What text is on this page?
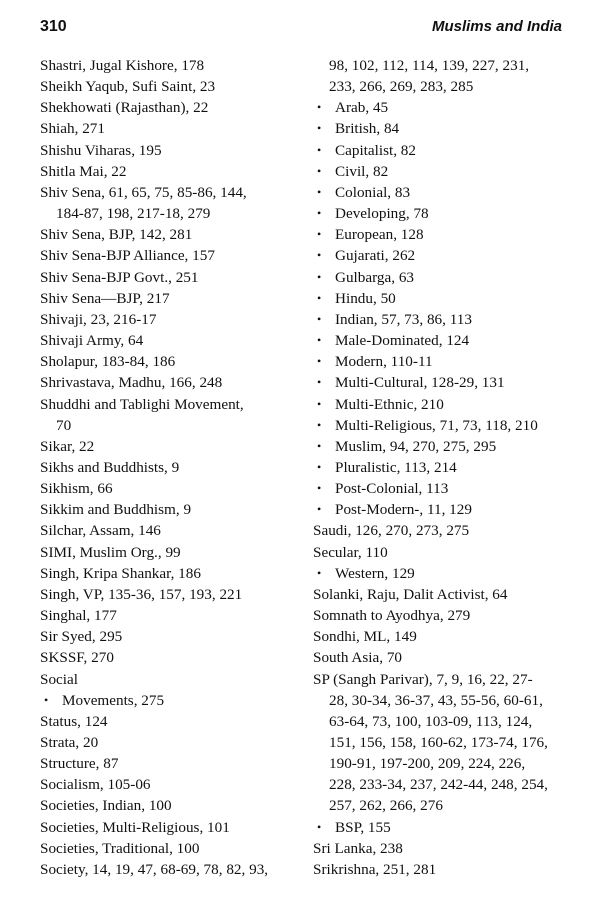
310	Muslims and India
Shastri, Jugal Kishore, 178
Sheikh Yaqub, Sufi Saint, 23
Shekhowati (Rajasthan), 22
Shiah, 271
Shishu Viharas, 195
Shitla Mai, 22
Shiv Sena, 61, 65, 75, 85-86, 144,
184-87, 198, 217-18, 279
Shiv Sena, BJP, 142, 281
Shiv Sena-BJP Alliance, 157
Shiv Sena-BJP Govt., 251
Shiv Sena—BJP, 217
Shivaji, 23, 216-17
Shivaji Army, 64
Sholapur, 183-84, 186
Shrivastava, Madhu, 166, 248
Shuddhi and Tablighi Movement,
70
Sikar, 22
Sikhs and Buddhists, 9
Sikhism, 66
Sikkim and Buddhism, 9
Silchar, Assam, 146
SIMI, Muslim Org., 99
Singh, Kripa Shankar, 186
Singh, VP, 135-36, 157, 193, 221
Singhal, 177
Sir Syed, 295
SKSSF, 270
Social
• Movements, 275
Status, 124
Strata, 20
Structure, 87
Socialism, 105-06
Societies, Indian, 100
Societies, Multi-Religious, 101
Societies, Traditional, 100
Society, 14, 19, 47, 68-69, 78, 82, 93,
98, 102, 112, 114, 139, 227, 231,
233, 266, 269, 283, 285
• Arab, 45
• British, 84
• Capitalist, 82
• Civil, 82
• Colonial, 83
• Developing, 78
• European, 128
• Gujarati, 262
• Gulbarga, 63
• Hindu, 50
• Indian, 57, 73, 86, 113
• Male-Dominated, 124
• Modern, 110-11
• Multi-Cultural, 128-29, 131
• Multi-Ethnic, 210
• Multi-Religious, 71, 73, 118, 210
• Muslim, 94, 270, 275, 295
• Pluralistic, 113, 214
• Post-Colonial, 113
• Post-Modern-, 11, 129
Saudi, 126, 270, 273, 275
Secular, 110
• Western, 129
Solanki, Raju, Dalit Activist, 64
Somnath to Ayodhya, 279
Sondhi, ML, 149
South Asia, 70
SP (Sangh Parivar), 7, 9, 16, 22, 27-
28, 30-34, 36-37, 43, 55-56, 60-61,
63-64, 73, 100, 103-09, 113, 124,
151, 156, 158, 160-62, 173-74, 176,
190-91, 197-200, 209, 224, 226,
228, 233-34, 237, 242-44, 248, 254,
257, 262, 266, 276
• BSP, 155
Sri Lanka, 238
Srikrishna, 251, 281
